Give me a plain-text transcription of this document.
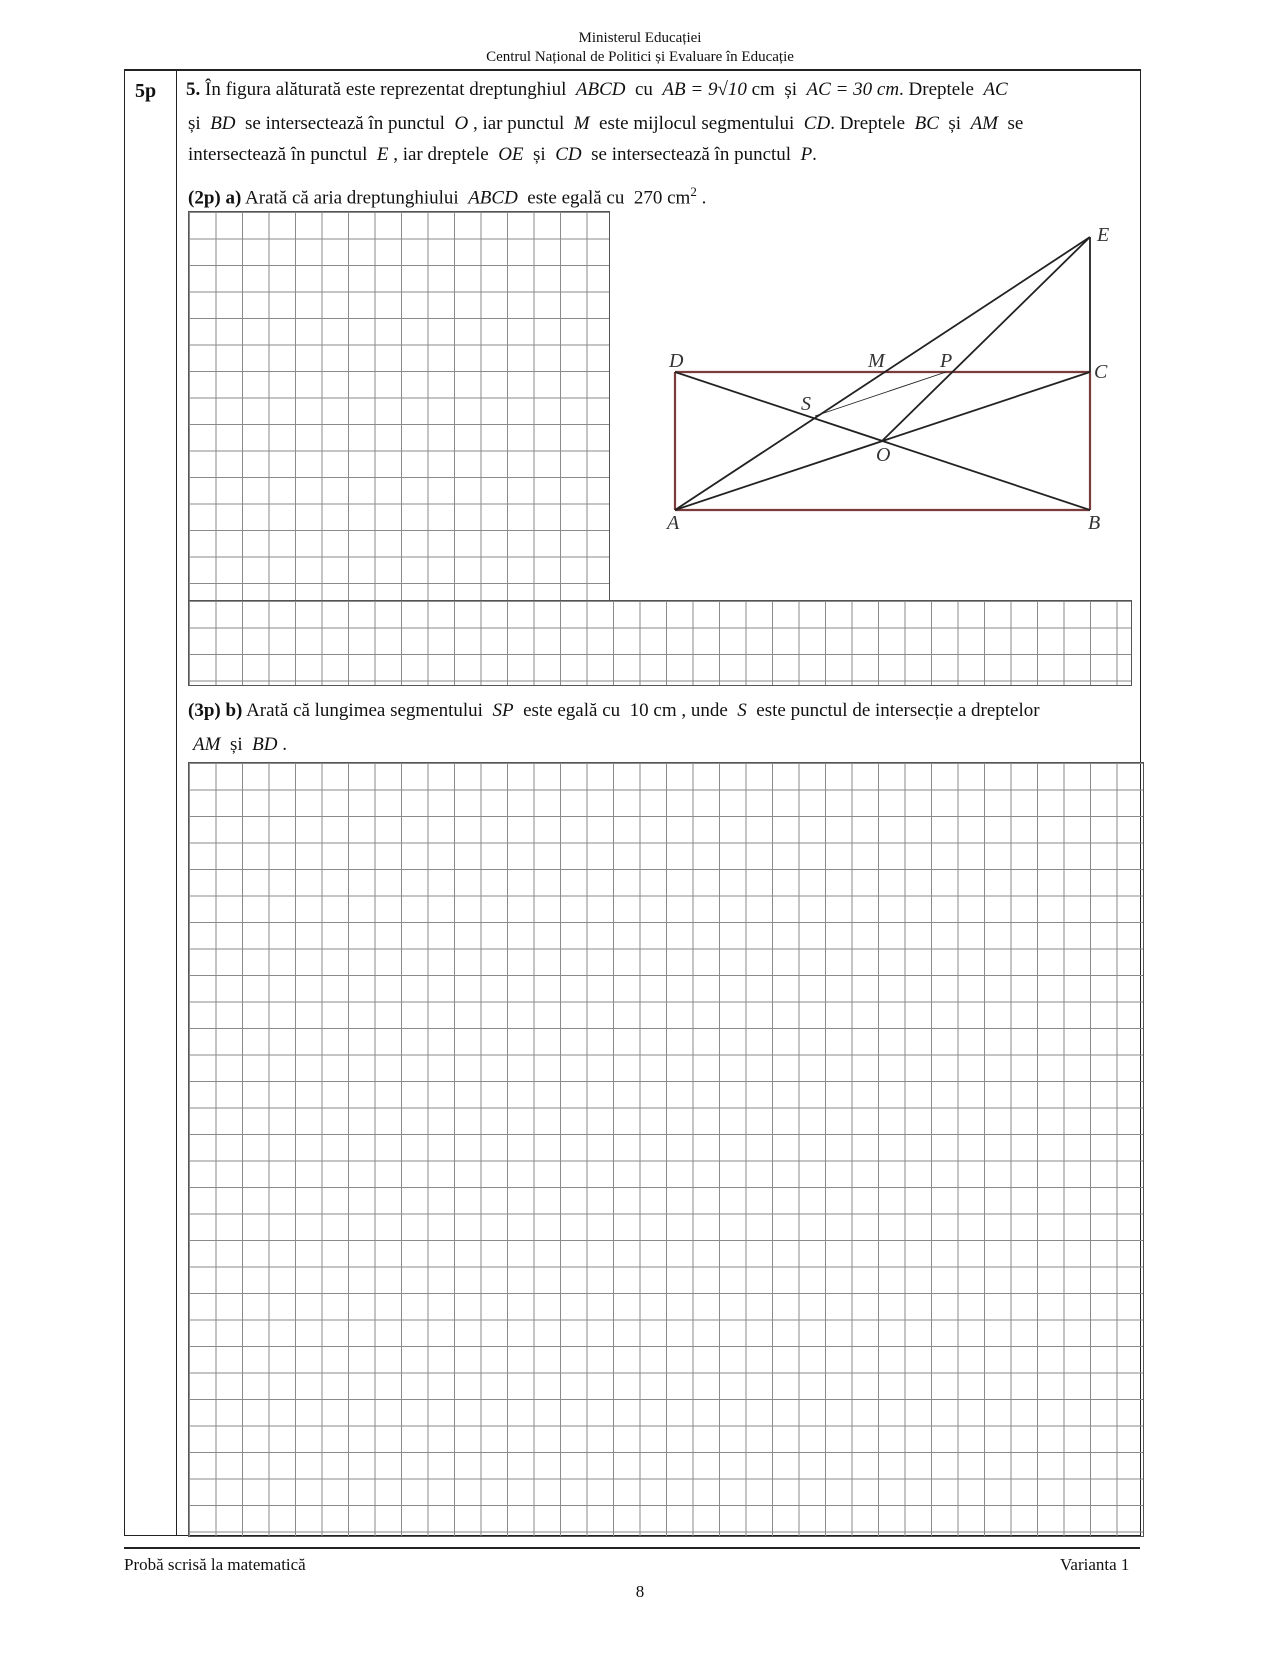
Ministerul Educației
Centrul Național de Politici și Evaluare în Educație
5p 5. În figura alăturată este reprezentat dreptunghiul ABCD cu AB = 9√10 cm și AC = 30 cm. Dreptele AC
și BD se intersectează în punctul O , iar punctul M este mijlocul segmentului CD. Dreptele BC și AM se
intersectează în punctul E , iar dreptele OE și CD se intersectează în punctul P.
(2p) a) Arată că aria dreptunghiului ABCD este egală cu 270 $cm^2$ .
A	B
C
D
E
M	P
S
O
(3p) b) Arată că lungimea segmentului SP este egală cu 10 cm , unde S este punctul de intersecție a dreptelor
AM și BD .
Probă scrisă la matematică	Varianta 1
8
